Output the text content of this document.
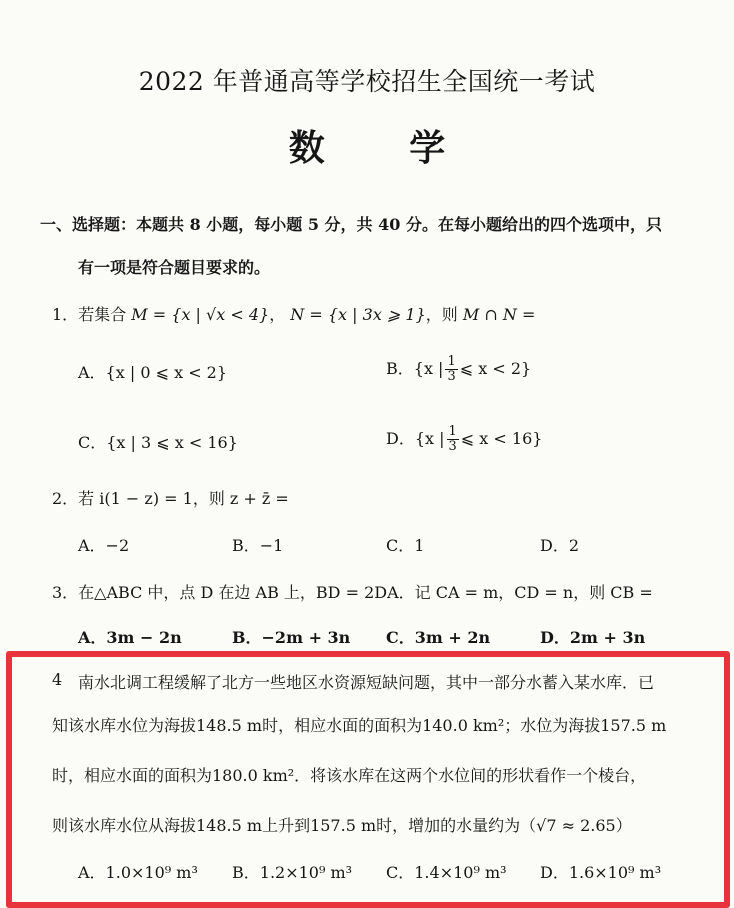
2022 年普通高等学校招生全国统一考试
数 学
一、选择题：本题共 8 小题，每小题 5 分，共 40 分。在每小题给出的四个选项中，只
有一项是符合题目要求的。
1．若集合 M = {x | √x < 4}， N = {x | 3x ⩾ 1}，则 M ∩ N =
A．{x | 0 ⩽ x < 2}	B．{x | $\frac{1}{3}$ ⩽ x < 2}
C．{x | 3 ⩽ x < 16}	D．{x | $\frac{1}{3}$ ⩽ x < 16}
2．若 i(1 − z) = 1，则 z + z̄ =
A．−2	B．−1	C．1	D．2
3．在△ABC 中，点 D 在边 AB 上，BD = 2DA．记 CA = m，CD = n，则 CB =
A．3m − 2n	B．−2m + 3n C．3m + 2n	D．2m + 3n
4 南水北调工程缓解了北方一些地区水资源短缺问题，其中一部分水蓄入某水库．已
知该水库水位为海拔148.5 m时，相应水面的面积为140.0 km²；水位为海拔157.5 m
时，相应水面的面积为180.0 km²．将该水库在这两个水位间的形状看作一个棱台，
则该水库水位从海拔148.5 m上升到157.5 m时，增加的水量约为（√7 ≈ 2.65）
A．1.0×10⁹ m³ B．1.2×10⁹ m³ C．1.4×10⁹ m³ D．1.6×10⁹ m³
